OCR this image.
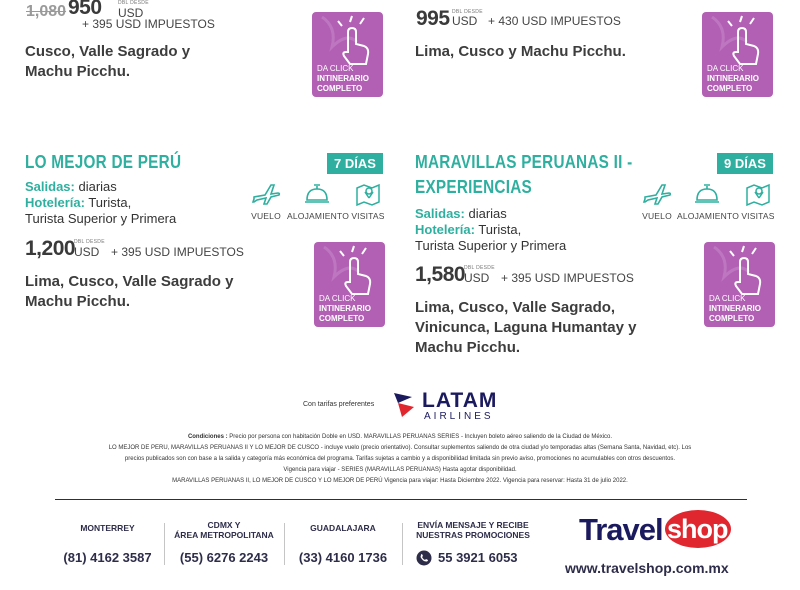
1,080 950	DBL DESDE
USD
+ 395 USD IMPUESTOS
Cusco, Valle Sagrado y
Machu Picchu.	DA CLICK
INTINERARIO
COMPLETO
995 DBL DESDE
USD + 430 USD IMPUESTOS
Lima, Cusco y Machu Picchu.
DA CLICK
INTINERARIO
COMPLETO
LO MEJOR DE PERÚ	7 DÍAS
Salidas: diarias
Hotelería: Turista,
Turista Superior y Primera	VUELO ALOJAMIENTO VISITAS
1,200
DBL DESDE
USD + 395 USD IMPUESTOS
Lima, Cusco, Valle Sagrado y
Machu Picchu.	DA CLICK
INTINERARIO
COMPLETO
MARAVILLAS PERUANAS II -
EXPERIENCIAS
9 DÍAS
Salidas: diarias
Hotelería: Turista,
Turista Superior y Primera
VUELO ALOJAMIENTO VISITAS
1,580
DBL DESDE
USD + 395 USD IMPUESTOS
Lima, Cusco, Valle Sagrado,
Vinicunca, Laguna Humantay y
Machu Picchu.
DA CLICK
INTINERARIO
COMPLETO
Con tarifas preferentes LATAM
AIRLINES
Condiciones : Precio por persona con habitación Doble en USD. MARAVILLAS PERUANAS SERIES - Incluyen boleto aéreo saliendo de la Ciudad de México.
LO MEJOR DE PERU, MARAVILLAS PERUANAS II Y LO MEJOR DE CUSCO - incluye vuelo (precio orientativo). Consultar suplementos saliendo de otra ciudad y/o temporadas altas (Semana Santa, Navidad, etc). Los
precios publicados son con base a la salida y categoría más económica del programa. Tarifas sujetas a cambio y a disponibilidad limitada sin previo aviso, promociones no acumulables con otros descuentos.
Vigencia para viajar - SERIES (MARAVILLAS PERUANAS) Hasta agotar disponibilidad.
MARAVILLAS PERUANAS II, LO MEJOR DE CUSCO Y LO MEJOR DE PERÚ Vigencia para viajar: Hasta Diciembre 2022. Vigencia para reservar: Hasta 31 de julio 2022.
MONTERREY
(81) 4162 3587
CDMX Y
ÁREA METROPOLITANA
(55) 6276 2243
GUADALAJARA
(33) 4160 1736
ENVÍA MENSAJE Y RECIBE
NUESTRAS PROMOCIONES
55 3921 6053
Travel shop
www.travelshop.com.mx
